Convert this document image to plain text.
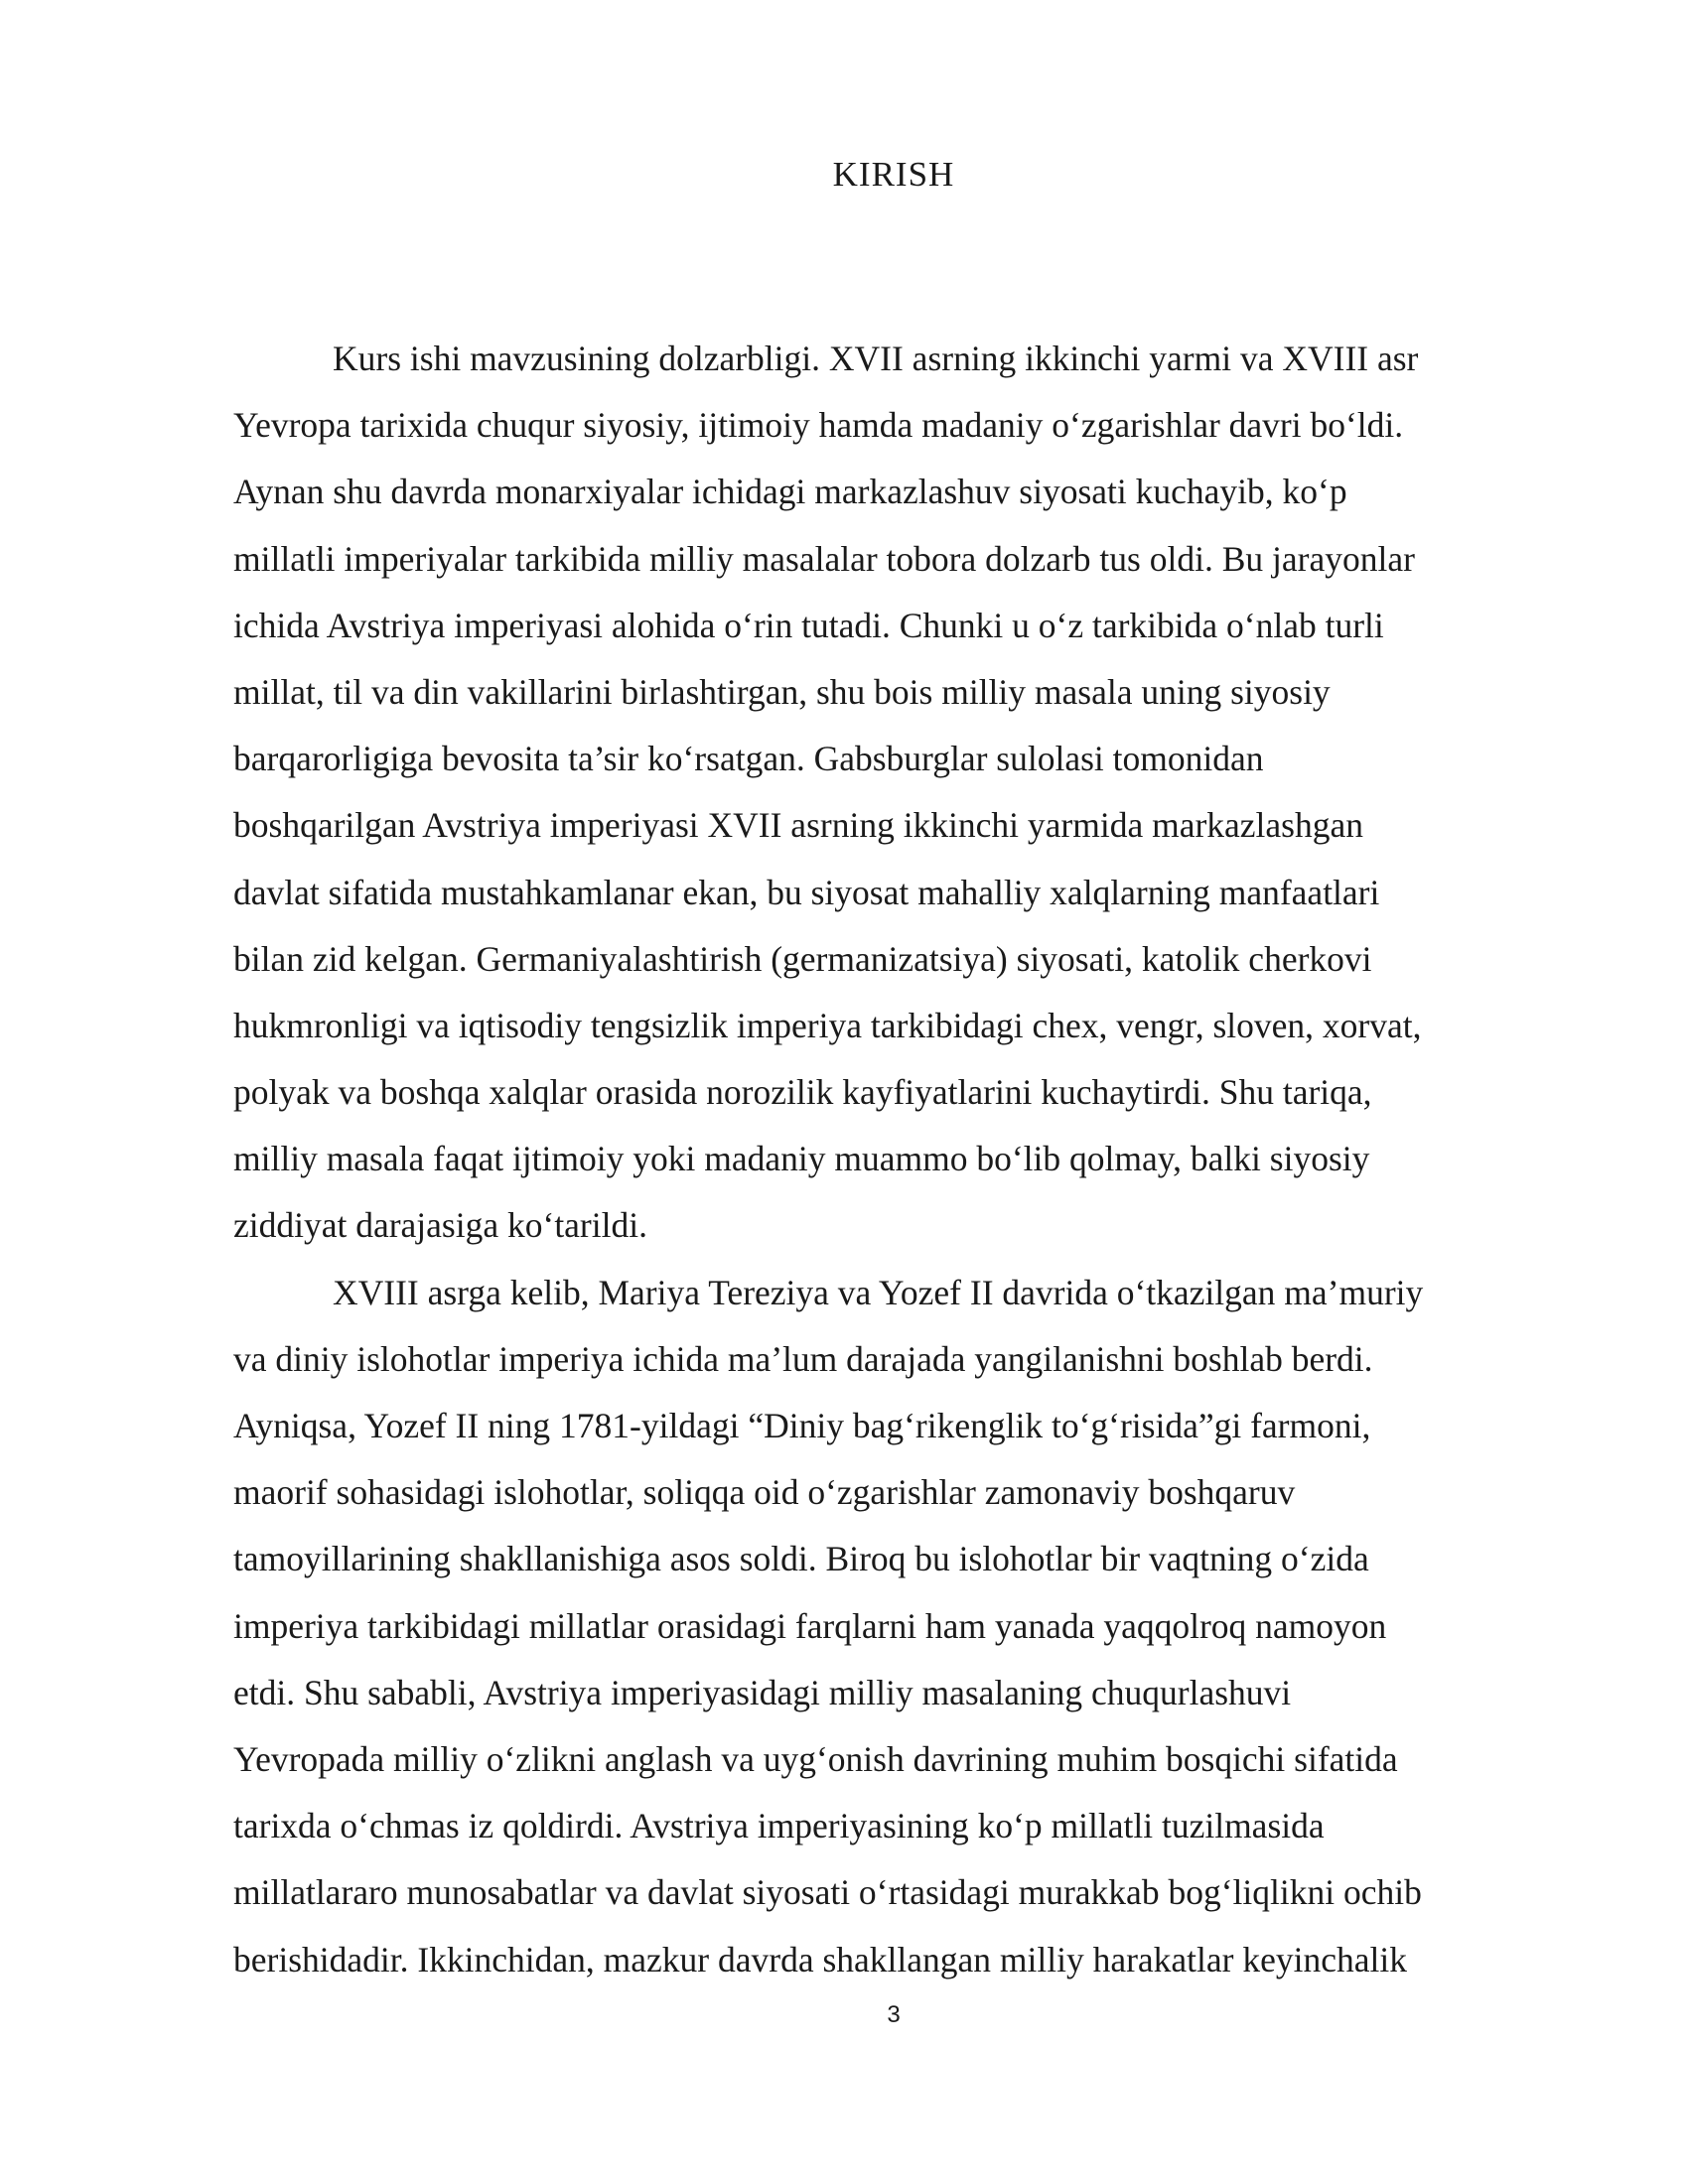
KIRISH
Kurs ishi mavzusining dolzarbligi. XVII asrning ikkinchi yarmi va XVIII asr
Yevropa tarixida chuqur siyosiy, ijtimoiy hamda madaniy o‘zgarishlar davri bo‘ldi.
Aynan shu davrda monarxiyalar ichidagi markazlashuv siyosati kuchayib, ko‘p
millatli imperiyalar tarkibida milliy masalalar tobora dolzarb tus oldi. Bu jarayonlar
ichida Avstriya imperiyasi alohida o‘rin tutadi. Chunki u o‘z tarkibida o‘nlab turli
millat, til va din vakillarini birlashtirgan, shu bois milliy masala uning siyosiy
barqarorligiga bevosita ta’sir ko‘rsatgan. Gabsburglar sulolasi tomonidan
boshqarilgan Avstriya imperiyasi XVII asrning ikkinchi yarmida markazlashgan
davlat sifatida mustahkamlanar ekan, bu siyosat mahalliy xalqlarning manfaatlari
bilan zid kelgan. Germaniyalashtirish (germanizatsiya) siyosati, katolik cherkovi
hukmronligi va iqtisodiy tengsizlik imperiya tarkibidagi chex, vengr, sloven, xorvat,
polyak va boshqa xalqlar orasida norozilik kayfiyatlarini kuchaytirdi. Shu tariqa,
milliy masala faqat ijtimoiy yoki madaniy muammo bo‘lib qolmay, balki siyosiy
ziddiyat darajasiga ko‘tarildi.
XVIII asrga kelib, Mariya Tereziya va Yozef II davrida o‘tkazilgan ma’muriy
va diniy islohotlar imperiya ichida ma’lum darajada yangilanishni boshlab berdi.
Ayniqsa, Yozef II ning 1781-yildagi “Diniy bag‘rikenglik to‘g‘risida”gi farmoni,
maorif sohasidagi islohotlar, soliqqa oid o‘zgarishlar zamonaviy boshqaruv
tamoyillarining shakllanishiga asos soldi. Biroq bu islohotlar bir vaqtning o‘zida
imperiya tarkibidagi millatlar orasidagi farqlarni ham yanada yaqqolroq namoyon
etdi. Shu sababli, Avstriya imperiyasidagi milliy masalaning chuqurlashuvi
Yevropada milliy o‘zlikni anglash va uyg‘onish davrining muhim bosqichi sifatida
tarixda o‘chmas iz qoldirdi. Avstriya imperiyasining ko‘p millatli tuzilmasida
millatlararo munosabatlar va davlat siyosati o‘rtasidagi murakkab bog‘liqlikni ochib
berishidadir. Ikkinchidan, mazkur davrda shakllangan milliy harakatlar keyinchalik
3
